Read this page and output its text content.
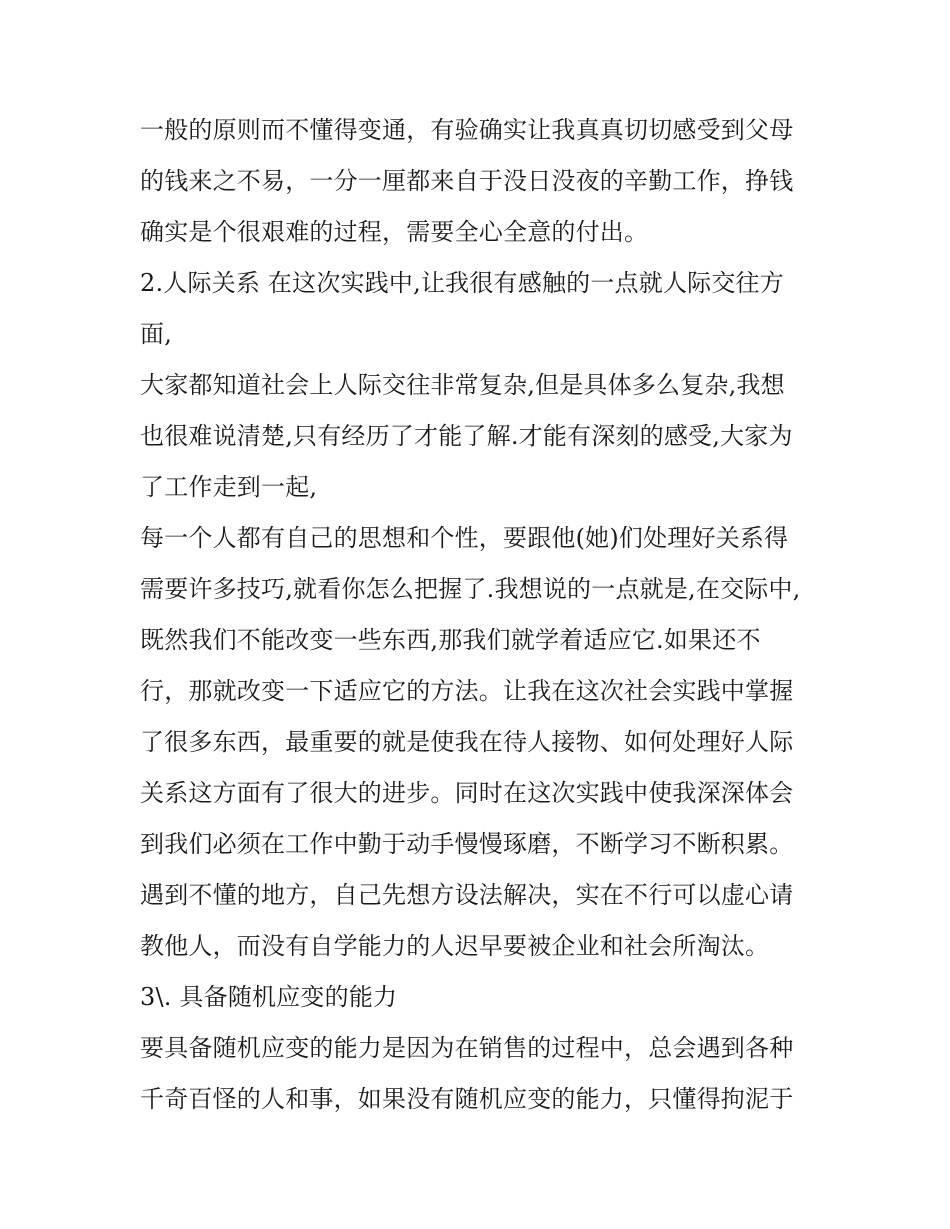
一般的原则而不懂得变通，有验确实让我真真切切感受到父母
的钱来之不易，一分一厘都来自于没日没夜的辛勤工作，挣钱
确实是个很艰难的过程，需要全心全意的付出。
2.人际关系 在这次实践中,让我很有感触的一点就人际交往方
面,
大家都知道社会上人际交往非常复杂,但是具体多么复杂,我想
也很难说清楚,只有经历了才能了解.才能有深刻的感受,大家为
了工作走到一起,
每一个人都有自己的思想和个性，要跟他(她)们处理好关系得
需要许多技巧,就看你怎么把握了.我想说的一点就是,在交际中,
既然我们不能改变一些东西,那我们就学着适应它.如果还不
行，那就改变一下适应它的方法。让我在这次社会实践中掌握
了很多东西，最重要的就是使我在待人接物、如何处理好人际
关系这方面有了很大的进步。同时在这次实践中使我深深体会
到我们必须在工作中勤于动手慢慢琢磨，不断学习不断积累。
遇到不懂的地方，自己先想方设法解决，实在不行可以虚心请
教他人，而没有自学能力的人迟早要被企业和社会所淘汰。
3\. 具备随机应变的能力
要具备随机应变的能力是因为在销售的过程中，总会遇到各种
千奇百怪的人和事，如果没有随机应变的能力，只懂得拘泥于
